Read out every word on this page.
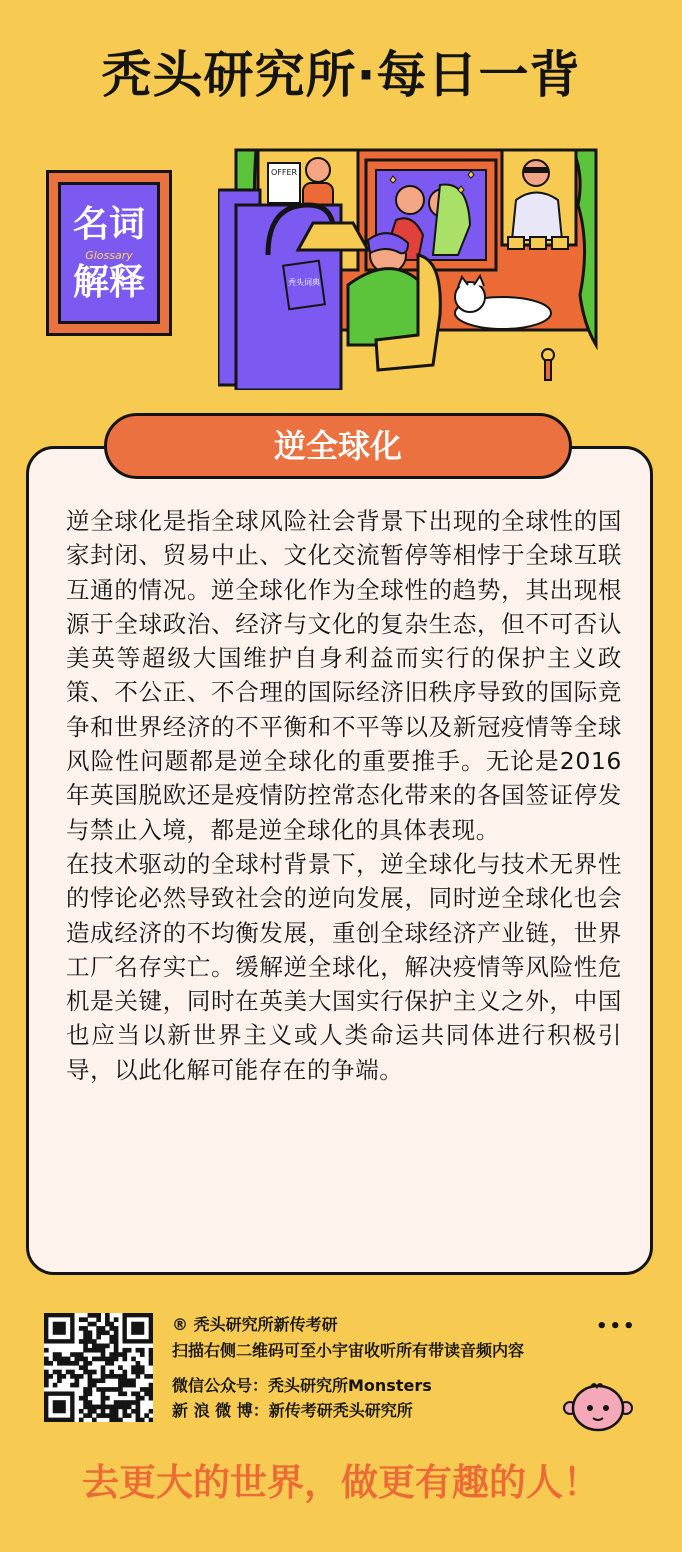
秃头研究所·每日一背
名词
Glossary
解释
OFFER
秃头词典
逆全球化

逆全球化是指全球风险社会背景下出现的全球性的国家封闭、贸易中止、文化交流暂停等相悖于全球互联互通的情况。逆全球化作为全球性的趋势，其出现根源于全球政治、经济与文化的复杂生态，但不可否认美英等超级大国维护自身利益而实行的保护主义政策、不公正、不合理的国际经济旧秩序导致的国际竞争和世界经济的不平衡和不平等以及新冠疫情等全球风险性问题都是逆全球化的重要推手。无论是2016年英国脱欧还是疫情防控常态化带来的各国签证停发与禁止入境，都是逆全球化的具体表现。

在技术驱动的全球村背景下，逆全球化与技术无界性的悖论必然导致社会的逆向发展，同时逆全球化也会造成经济的不均衡发展，重创全球经济产业链，世界工厂名存实亡。缓解逆全球化，解决疫情等风险性危机是关键，同时在英美大国实行保护主义之外，中国也应当以新世界主义或人类命运共同体进行积极引导，以此化解可能存在的争端。

® 秃头研究所新传考研
扫描右侧二维码可至小宇宙收听所有带读音频内容
微信公众号：秃头研究所Monsters
新 浪 微 博：新传考研秃头研究所
•••
去更大的世界，做更有趣的人！
